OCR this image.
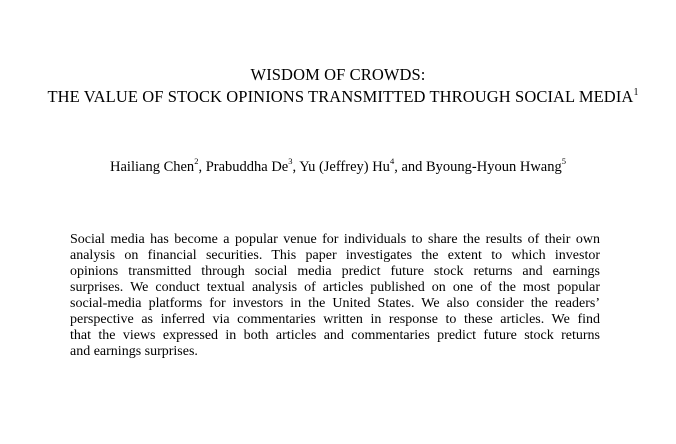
WISDOM OF CROWDS:
THE VALUE OF STOCK OPINIONS TRANSMITTED THROUGH SOCIAL MEDIA$^1$
Hailiang Chen$^2$, Prabuddha De$^3$, Yu (Jeffrey) Hu$^4$, and Byoung-Hyoun Hwang$^5$
Social media has become a popular venue for individuals to share the results of their own
analysis on financial securities. This paper investigates the extent to which investor
opinions transmitted through social media predict future stock returns and earnings
surprises. We conduct textual analysis of articles published on one of the most popular
social-media platforms for investors in the United States. We also consider the readers’
perspective as inferred via commentaries written in response to these articles. We find
that the views expressed in both articles and commentaries predict future stock returns
and earnings surprises.
